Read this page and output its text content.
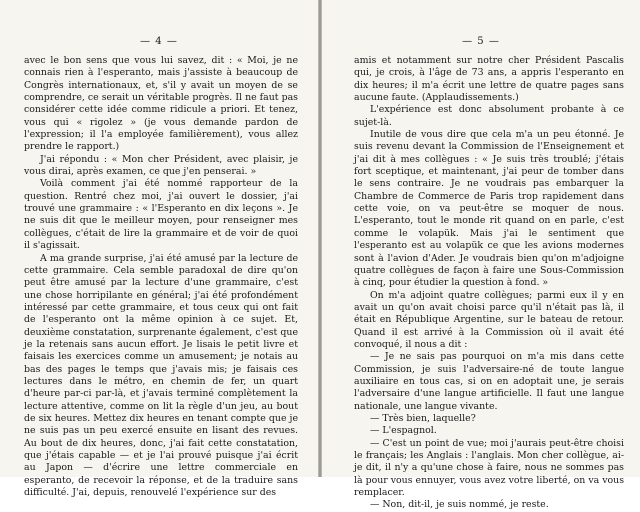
— 4 —

avec le bon sens que vous lui savez, dit : « Moi, je ne connais rien à l'esperanto, mais j'assiste à beaucoup de Congrès internationaux, et, s'il y avait un moyen de se comprendre, ce serait un véritable progrès. Il ne faut pas considérer cette idée comme ridicule a priori. Et tenez, vous qui « rigolez » (je vous demande pardon de l'expression; il l'a employée familièrement), vous allez prendre le rapport.)

J'ai répondu : « Mon cher Président, avec plaisir, je vous dirai, après examen, ce que j'en penserai. »

Voilà comment j'ai été nommé rapporteur de la question. Rentré chez moi, j'ai ouvert le dossier, j'ai trouvé une grammaire : « l'Esperanto en dix leçons ». Je ne suis dit que le meilleur moyen, pour renseigner mes collègues, c'était de lire la grammaire et de voir de quoi il s'agissait.

A ma grande surprise, j'ai été amusé par la lecture de cette grammaire. Cela semble paradoxal de dire qu'on peut être amusé par la lecture d'une grammaire, c'est une chose horripilante en général; j'ai été profondément intéressé par cette grammaire, et tous ceux qui ont fait de l'esperanto ont la même opinion à ce sujet. Et, deuxième constatation, surprenante également, c'est que je la retenais sans aucun effort. Je lisais le petit livre et faisais les exercices comme un amusement; je notais au bas des pages le temps que j'avais mis; je faisais ces lectures dans le métro, en chemin de fer, un quart d'heure par-ci par-là, et j'avais terminé complètement la lecture attentive, comme on lit la règle d'un jeu, au bout de six heures. Mettez dix heures en tenant compte que je ne suis pas un peu exercé ensuite en lisant des revues. Au bout de dix heures, donc, j'ai fait cette constatation, que j'étais capable — et je l'ai prouvé puisque j'ai écrit au Japon — d'écrire une lettre commerciale en esperanto, de recevoir la réponse, et de la traduire sans difficulté. J'ai, depuis, renouvelé l'expérience sur des

— 5 —

amis et notamment sur notre cher Président Pascalis qui, je crois, à l'âge de 73 ans, a appris l'esperanto en dix heures; il m'a écrit une lettre de quatre pages sans aucune faute. (Applaudissements.)

L'expérience est donc absolument probante à ce sujet-là.

Inutile de vous dire que cela m'a un peu étonné. Je suis revenu devant la Commission de l'Enseignement et j'ai dit à mes collègues : « Je suis très troublé; j'étais fort sceptique, et maintenant, j'ai peur de tomber dans le sens contraire. Je ne voudrais pas embarquer la Chambre de Commerce de Paris trop rapidement dans cette voie, on va peut-être se moquer de nous. L'esperanto, tout le monde rit quand on en parle, c'est comme le volapük. Mais j'ai le sentiment que l'esperanto est au volapük ce que les avions modernes sont à l'avion d'Ader. Je voudrais bien qu'on m'adjoigne quatre collègues de façon à faire une Sous-Commission à cinq, pour étudier la question à fond. »

On m'a adjoint quatre collègues; parmi eux il y en avait un qu'on avait choisi parce qu'il n'était pas là, il était en République Argentine, sur le bateau de retour. Quand il est arrivé à la Commission où il avait été convoqué, il nous a dit :

— Je ne sais pas pourquoi on m'a mis dans cette Commission, je suis l'adversaire-né de toute langue auxiliaire en tous cas, si on en adoptait une, je serais l'adversaire d'une langue artificielle. Il faut une langue nationale, une langue vivante.

— Très bien, laquelle?

— L'espagnol.

— C'est un point de vue; moi j'aurais peut-être choisi le français; les Anglais : l'anglais. Mon cher collègue, ai-je dit, il n'y a qu'une chose à faire, nous ne sommes pas là pour vous ennuyer, vous avez votre liberté, on va vous remplacer.

— Non, dit-il, je suis nommé, je reste.
